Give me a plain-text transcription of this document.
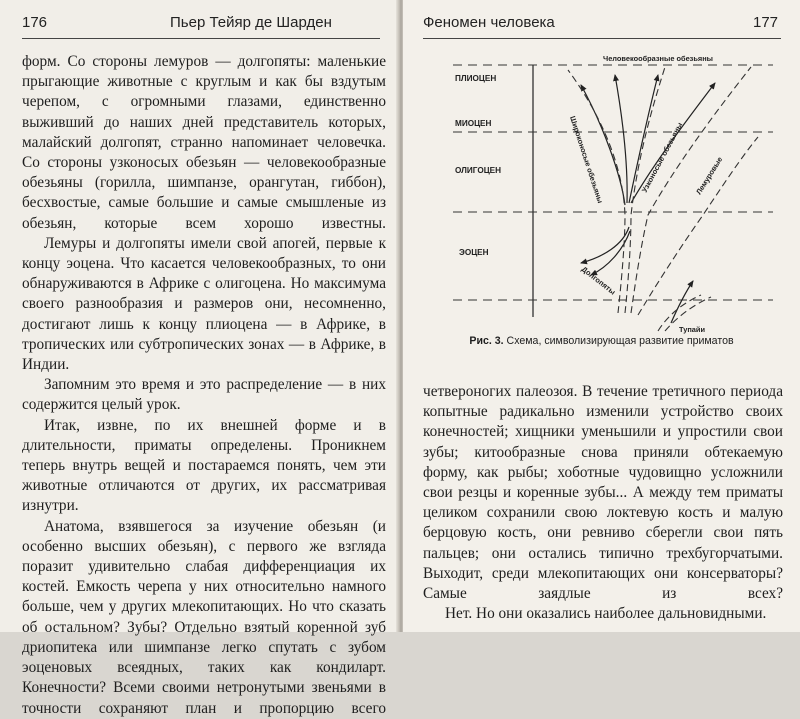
176	Пьер Тейяр де Шарден

форм. Со стороны лемуров — долгопяты: маленькие прыгающие животные с круглым и как бы вздутым черепом, с огромными глазами, единственно выживший до наших дней представитель которых, малайский долгопят, странно напоминает человечка. Со стороны узконосых обезьян — человекообразные обезьяны (горилла, шимпанзе, орангутан, гиббон), бесхвостые, самые большие и самые смышленые из обезьян, которые всем хорошо известны.

Лемуры и долгопяты имели свой апогей, первые к концу эоцена. Что касается человекообразных, то они обнаруживаются в Африке с олигоцена. Но максимума своего разнообразия и размеров они, несомненно, достигают лишь к концу плиоцена — в Африке, в тропических или субтропических зонах — в Африке, в Индии.

Запомним это время и это распределение — в них содержится целый урок.

Итак, извне, по их внешней форме и в длительности, приматы определены. Проникнем теперь внутрь вещей и постараемся понять, чем эти животные отличаются от других, их рассматривая изнутри.

Анатома, взявшегося за изучение обезьян (и особенно высших обезьян), с первого же взгляда поразит удивительно слабая дифференциация их костей. Емкость черепа у них относительно намного больше, чем у других млекопитающих. Но что сказать об остальном? Зубы? Отдельно взятый коренной зуб дриопитека или шимпанзе легко спутать с зубом эоценовых всеядных, таких как кондиларт. Конечности? Всеми своими нетронутыми звеньями в точности сохраняют план и пропорцию всего

Феномен человека	177
ПЛИОЦЕН
МИОЦЕН
ОЛИГОЦЕН
ЭОЦЕН
Человекообразные обезьяны
Широконосые обезьяны	Узконосые обезьяны Лемуровые
Долгопяты
Тупайи
Рис. 3. Схема, символизирующая развитие приматов

четвероногих палеозоя. В течение третичного периода копытные радикально изменили устройство своих конечностей; хищники уменьшили и упростили свои зубы; китообразные снова приняли обтекаемую форму, как рыбы; хоботные чудовищно усложнили свои резцы и коренные зубы... А между тем приматы целиком сохранили свою локтевую кость и малую берцовую кость, они ревниво сберегли свои пять пальцев; они остались типично трехбугорчатыми. Выходит, среди млекопитающих они консерваторы? Самые заядлые из всех?

Нет. Но они оказались наиболее дальновидными.
